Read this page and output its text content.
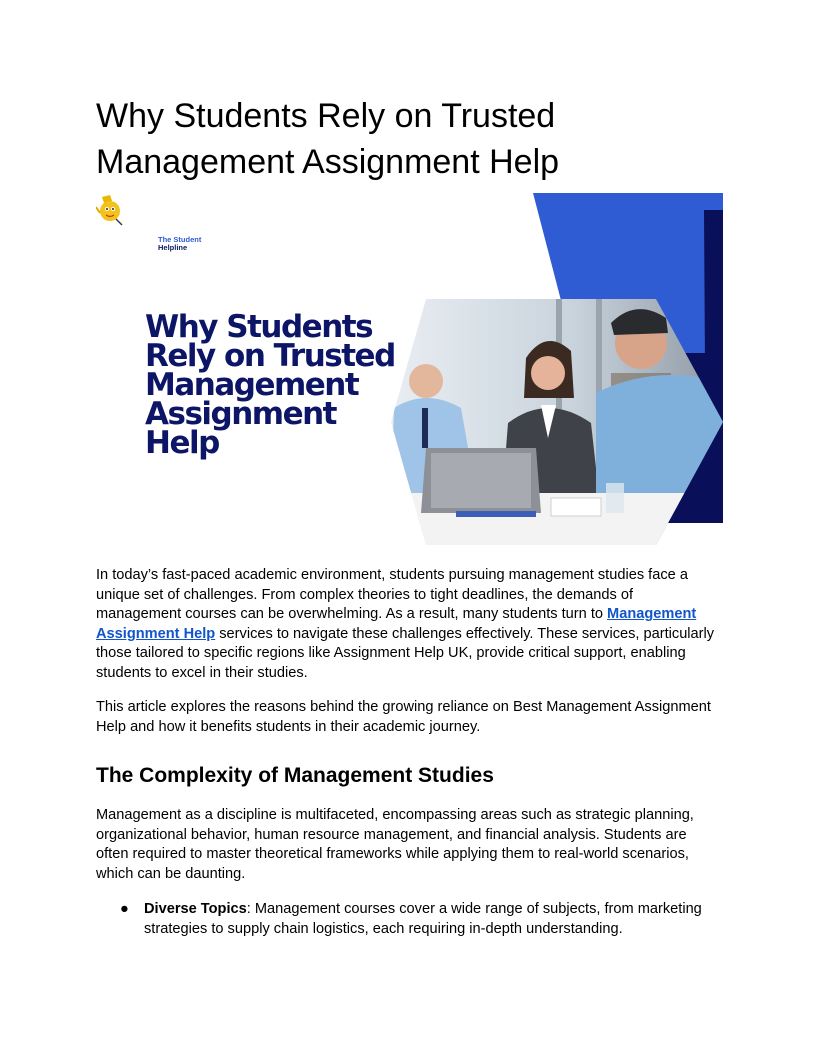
Why Students Rely on Trusted
Management Assignment Help
The Student
Helpline
Why Students
Rely on Trusted
Management
Assignment
Help

In today’s fast-paced academic environment, students pursuing management studies face a unique set of challenges. From complex theories to tight deadlines, the demands of management courses can be overwhelming. As a result, many students turn to Management Assignment Help services to navigate these challenges effectively. These services, particularly those tailored to specific regions like Assignment Help UK, provide critical support, enabling students to excel in their studies.

This article explores the reasons behind the growing reliance on Best Management Assignment Help and how it benefits students in their academic journey.

The Complexity of Management Studies

Management as a discipline is multifaceted, encompassing areas such as strategic planning, organizational behavior, human resource management, and financial analysis. Students are often required to master theoretical frameworks while applying them to real-world scenarios, which can be daunting.

● Diverse Topics: Management courses cover a wide range of subjects, from marketing strategies to supply chain logistics, each requiring in-depth understanding.
